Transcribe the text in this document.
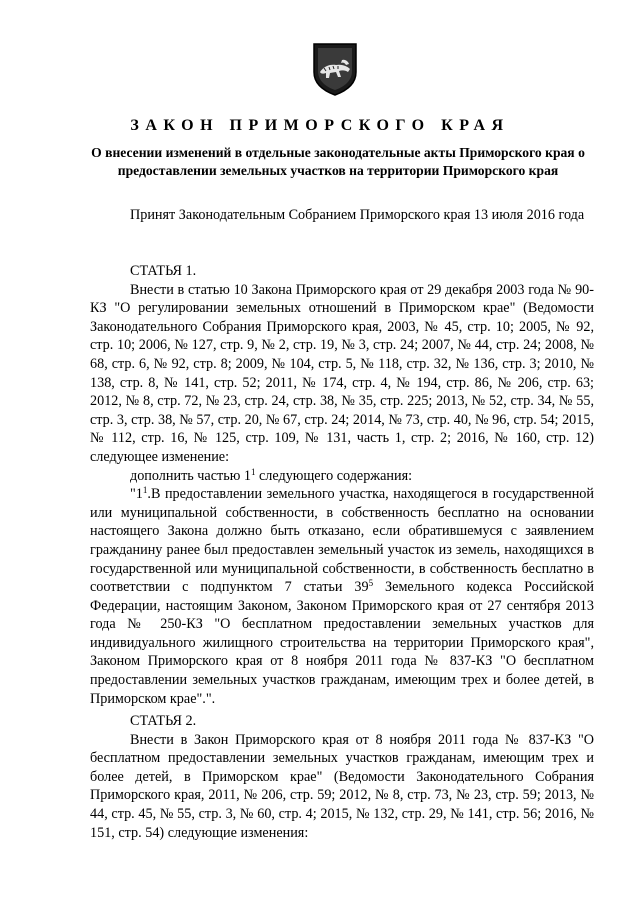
ЗАКОН ПРИМОРСКОГО КРАЯ
О внесении изменений в отдельные законодательные акты Приморского края о предоставлении земельных участков на территории Приморского края

Принят Законодательным Собранием Приморского края 13 июля 2016 года

СТАТЬЯ 1.

Внести в статью 10 Закона Приморского края от 29 декабря 2003 года № 90-КЗ "О регулировании земельных отношений в Приморском крае" (Ведомости Законодательного Собрания Приморского края, 2003, № 45, стр. 10; 2005, № 92, стр. 10; 2006, № 127, стр. 9, № 2, стр. 19, № 3, стр. 24; 2007, № 44, стр. 24; 2008, № 68, стр. 6, № 92, стр. 8; 2009, № 104, стр. 5, № 118, стр. 32, № 136, стр. 3; 2010, № 138, стр. 8, № 141, стр. 52; 2011, № 174, стр. 4, № 194, стр. 86, № 206, стр. 63; 2012, № 8, стр. 72, № 23, стр. 24, стр. 38, № 35, стр. 225; 2013, № 52, стр. 34, № 55, стр. 3, стр. 38, № 57, стр. 20, № 67, стр. 24; 2014, № 73, стр. 40, № 96, стр. 54; 2015, № 112, стр. 16, № 125, стр. 109, № 131, часть 1, стр. 2; 2016, № 160, стр. 12) следующее изменение:

дополнить частью $1^1$ следующего содержания:

"$1^1.В$ предоставлении земельного участка, находящегося в государственной или муниципальной собственности, в собственность бесплатно на основании настоящего Закона должно быть отказано, если обратившемуся с заявлением гражданину ранее был предоставлен земельный участок из земель, находящихся в государственной или муниципальной собственности, в собственность бесплатно в соответствии с подпунктом 7 статьи $39^5$ Земельного кодекса Российской Федерации, настоящим Законом, Законом Приморского края от 27 сентября 2013 года № 250-КЗ "О бесплатном предоставлении земельных участков для индивидуального жилищного строительства на территории Приморского края", Законом Приморского края от 8 ноября 2011 года № 837-КЗ "О бесплатном предоставлении земельных участков гражданам, имеющим трех и более детей, в Приморском крае".".

СТАТЬЯ 2.

Внести в Закон Приморского края от 8 ноября 2011 года № 837-КЗ "О бесплатном предоставлении земельных участков гражданам, имеющим трех и более детей, в Приморском крае" (Ведомости Законодательного Собрания Приморского края, 2011, № 206, стр. 59; 2012, № 8, стр. 73, № 23, стр. 59; 2013, № 44, стр. 45, № 55, стр. 3, № 60, стр. 4; 2015, № 132, стр. 29, № 141, стр. 56; 2016, № 151, стр. 54) следующие изменения:
